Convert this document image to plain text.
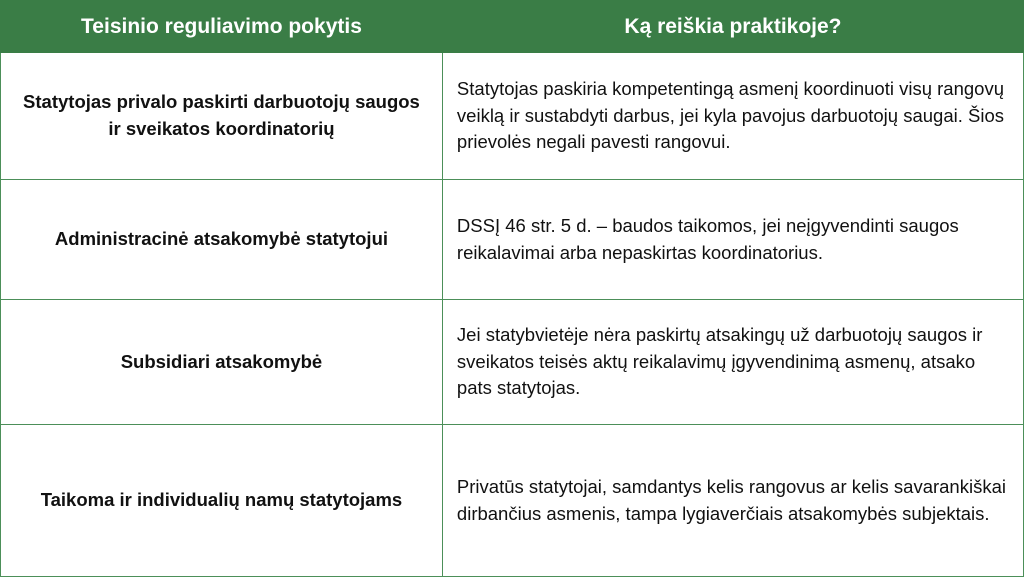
Teisinio reguliavimo pokytis	Ką reiškia praktikoje?
Statytojas privalo paskirti darbuotojų saugos ir sveikatos koordinatorių	Statytojas paskiria kompetentingą asmenį koordinuoti visų rangovų veiklą ir sustabdyti darbus, jei kyla pavojus darbuotojų saugai. Šios prievolės negali pavesti rangovui.
Administracinė atsakomybė statytojui	DSSĮ 46 str. 5 d. – baudos taikomos, jei neįgyvendinti saugos reikalavimai arba nepaskirtas koordinatorius.
Subsidiari atsakomybė	Jei statybvietėje nėra paskirtų atsakingų už darbuotojų saugos ir sveikatos teisės aktų reikalavimų įgyvendinimą asmenų, atsako pats statytojas.
Taikoma ir individualių namų statytojams	Privatūs statytojai, samdantys kelis rangovus ar kelis savarankiškai dirbančius asmenis, tampa lygiaverčiais atsakomybės subjektais.
